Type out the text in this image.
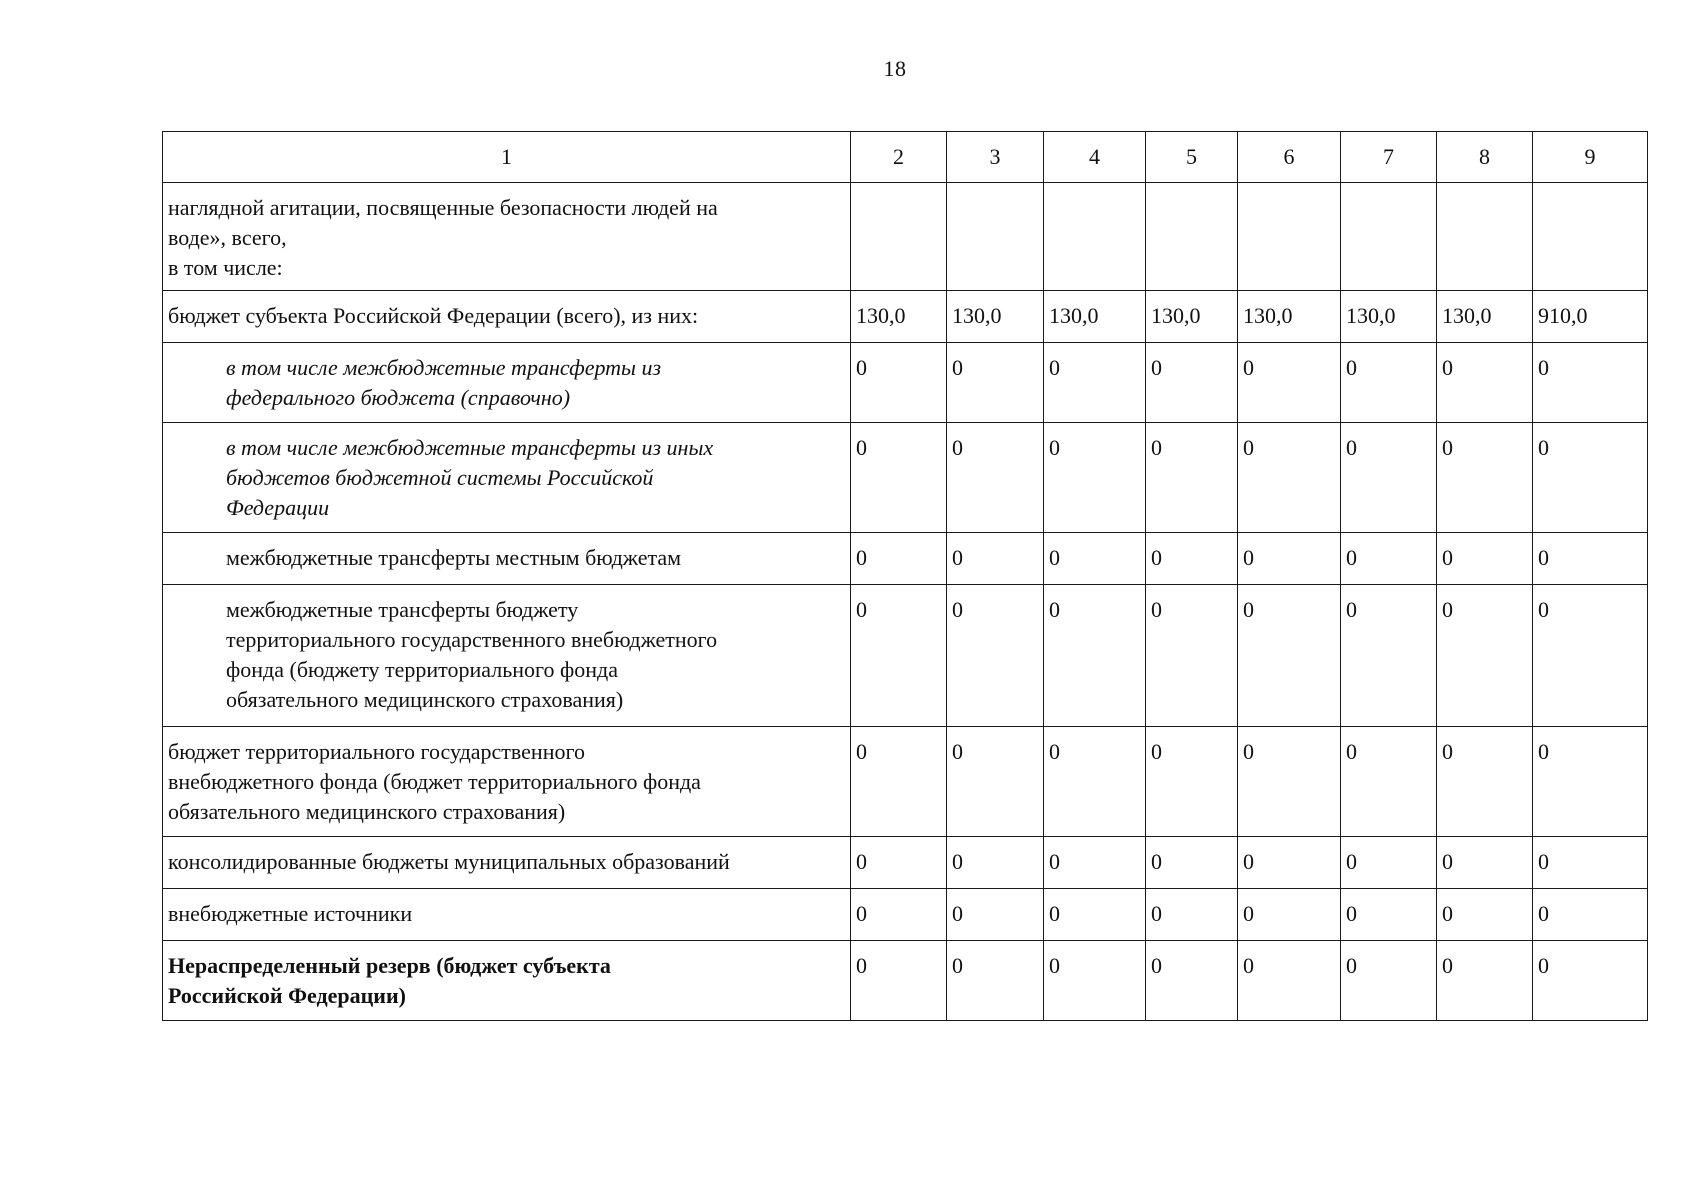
18
1	2	3	4	5	6	7	8	9

наглядной агитации, посвященные безопасности людей на
воде», всего,
в том числе:								

бюджет субъекта Российской Федерации (всего), из них:	130,0	130,0	130,0	130,0	130,0	130,0	130,0	910,0

в том числе межбюджетные трансферты из
федерального бюджета (справочно)	0	0	0	0	0	0	0	0

в том числе межбюджетные трансферты из иных
бюджетов бюджетной системы Российской
Федерации	0	0	0	0	0	0	0	0

межбюджетные трансферты местным бюджетам	0	0	0	0	0	0	0	0

межбюджетные трансферты бюджету
территориального государственного внебюджетного
фонда (бюджету территориального фонда
обязательного медицинского страхования)	0	0	0	0	0	0	0	0

бюджет территориального государственного
внебюджетного фонда (бюджет территориального фонда
обязательного медицинского страхования)	0	0	0	0	0	0	0	0

консолидированные бюджеты муниципальных образований	0	0	0	0	0	0	0	0

внебюджетные источники	0	0	0	0	0	0	0	0

Нераспределенный резерв (бюджет субъекта
Российской Федерации)	0	0	0	0	0	0	0	0
